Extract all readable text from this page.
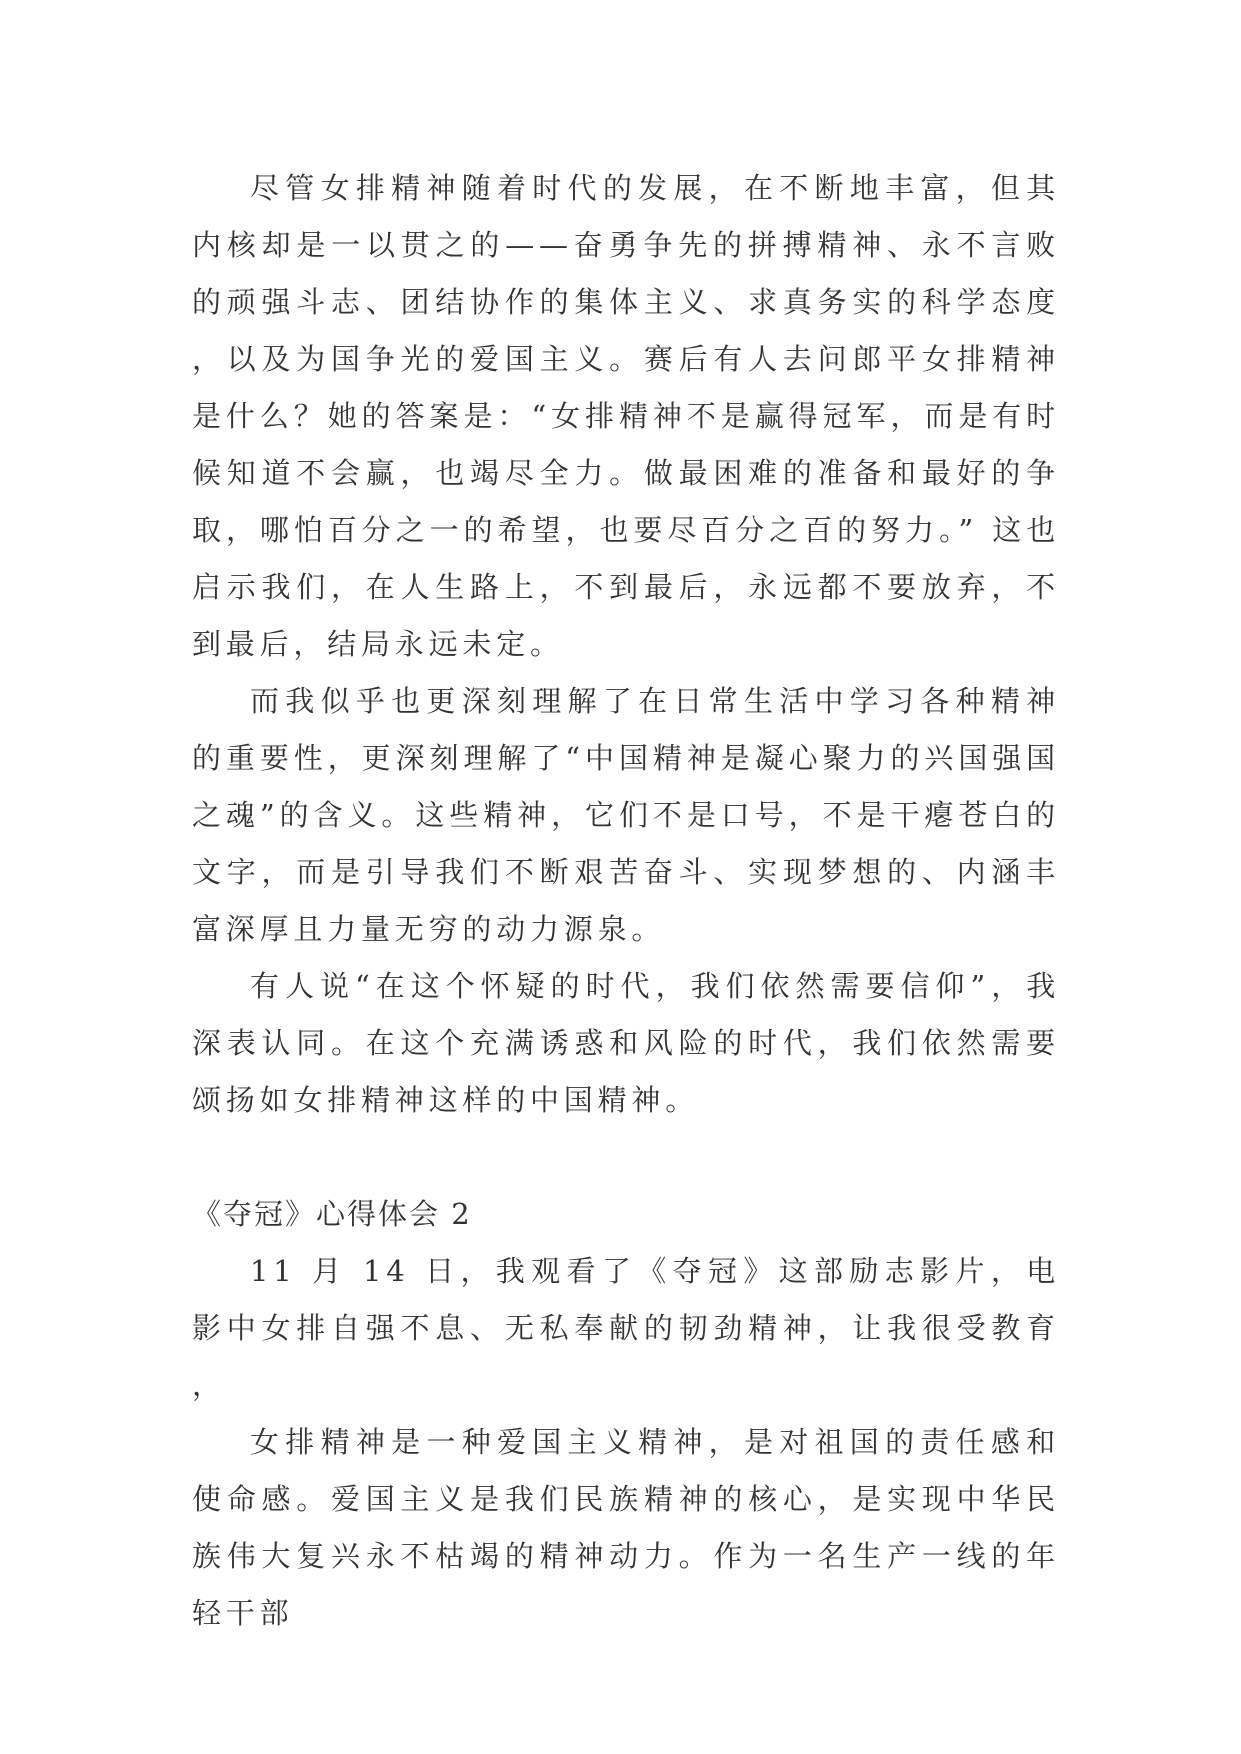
尽管女排精神随着时代的发展，在不断地丰富，但其内核却是一以贯之的——奋勇争先的拼搏精神、永不言败的顽强斗志、团结协作的集体主义、求真务实的科学态度，以及为国争光的爱国主义。赛后有人去问郎平女排精神是什么？她的答案是：“女排精神不是赢得冠军，而是有时候知道不会赢，也竭尽全力。做最困难的准备和最好的争取，哪怕百分之一的希望，也要尽百分之百的努力。” 这也启示我们，在人生路上，不到最后，永远都不要放弃，不到最后，结局永远未定。

而我似乎也更深刻理解了在日常生活中学习各种精神的重要性，更深刻理解了“中国精神是凝心聚力的兴国强国之魂”的含义。这些精神，它们不是口号，不是干瘪苍白的文字，而是引导我们不断艰苦奋斗、实现梦想的、内涵丰富深厚且力量无穷的动力源泉。

有人说“在这个怀疑的时代，我们依然需要信仰”，我深表认同。在这个充满诱惑和风险的时代，我们依然需要颂扬如女排精神这样的中国精神。

《夺冠》心得体会 2

11 月 14 日，我观看了《夺冠》这部励志影片，电影中女排自强不息、无私奉献的韧劲精神，让我很受教育，

女排精神是一种爱国主义精神，是对祖国的责任感和使命感。爱国主义是我们民族精神的核心，是实现中华民族伟大复兴永不枯竭的精神动力。作为一名生产一线的年轻干部
